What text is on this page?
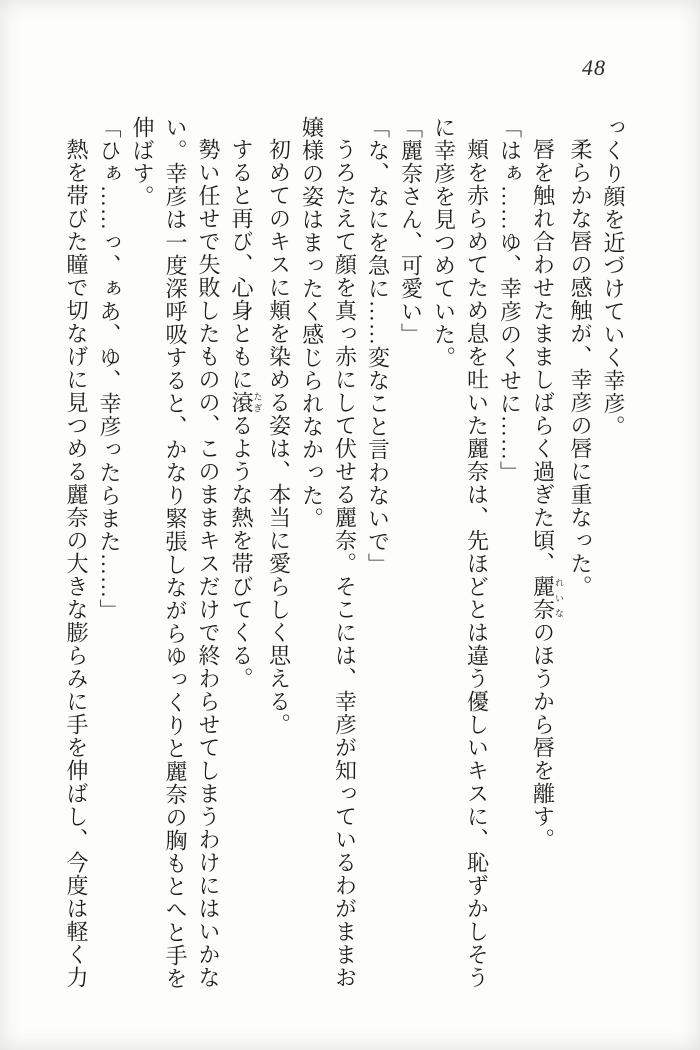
48

っくり顔を近づけていく幸彦。

柔らかな唇の感触が、幸彦の唇に重なった。

唇を触れ合わせたまましばらく過ぎた頃、麗奈れいなのほうから唇を離す。

「はぁ……ゆ、幸彦のくせに……」

頬を赤らめてため息を吐いた麗奈は、先ほどとは違う優しいキスに、恥ずかしそう

に幸彦を見つめていた。

「麗奈さん、可愛い」

「な、なにを急に……変なこと言わないで」

うろたえて顔を真っ赤にして伏せる麗奈。そこには、幸彦が知っているわがままお

嬢様の姿はまったく感じられなかった。

初めてのキスに頬を染める姿は、本当に愛らしく思える。

すると再び、心身ともに滾たぎるような熱を帯びてくる。

勢い任せで失敗したものの、このままキスだけで終わらせてしまうわけにはいかな

い。幸彦は一度深呼吸すると、かなり緊張しながらゆっくりと麗奈の胸もとへと手を

伸ばす。

「ひぁ……っ、ぁあ、ゆ、幸彦ったらまた……」

熱を帯びた瞳で切なげに見つめる麗奈の大きな膨らみに手を伸ばし、今度は軽く力
